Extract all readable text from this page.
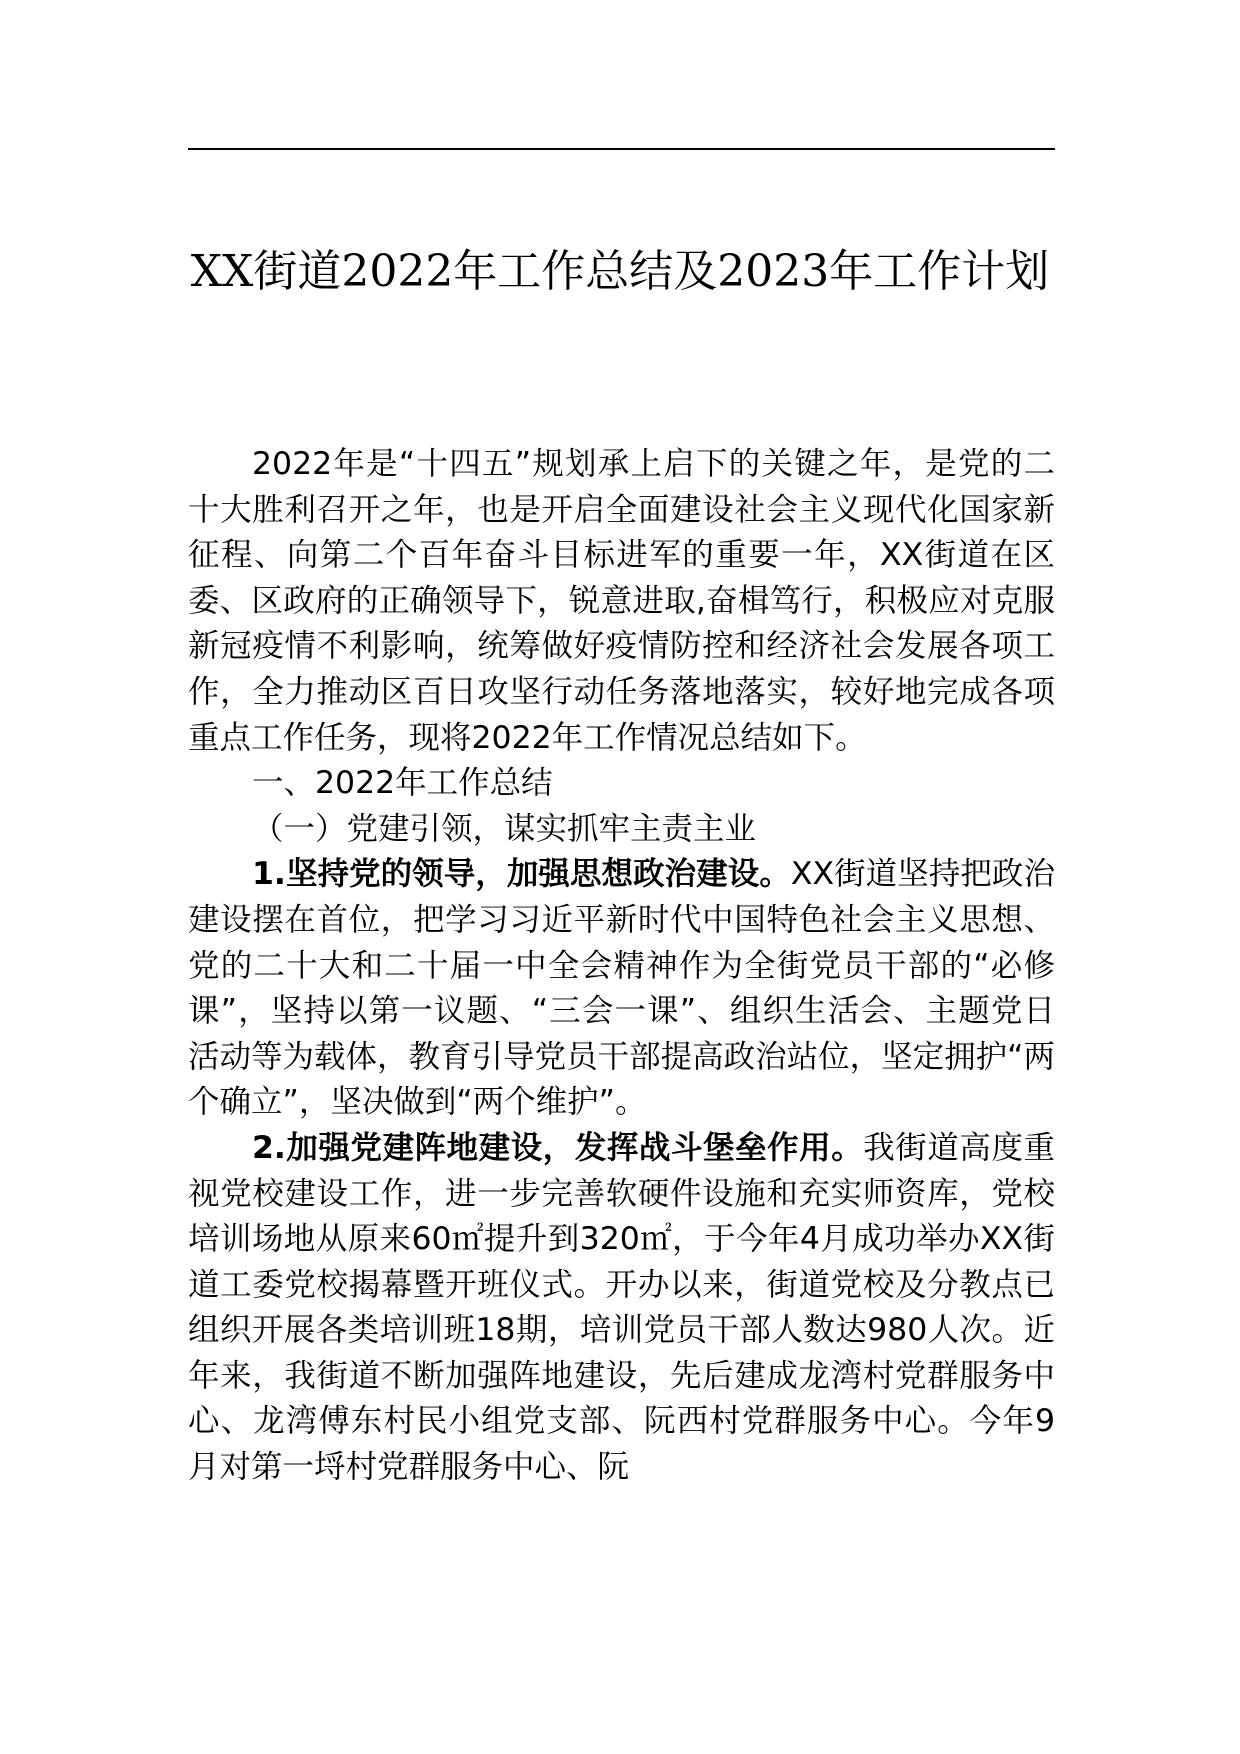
XX街道2022年工作总结及2023年工作计划

2022年是“十四五”规划承上启下的关键之年，是党的二十大胜利召开之年，也是开启全面建设社会主义现代化国家新征程、向第二个百年奋斗目标进军的重要一年，XX街道在区委、区政府的正确领导下，锐意进取,奋楫笃行，积极应对克服新冠疫情不利影响，统筹做好疫情防控和经济社会发展各项工作，全力推动区百日攻坚行动任务落地落实，较好地完成各项重点工作任务，现将2022年工作情况总结如下。

一、2022年工作总结

（一）党建引领，谋实抓牢主责主业

1.坚持党的领导，加强思想政治建设。XX街道坚持把政治建设摆在首位，把学习习近平新时代中国特色社会主义思想、党的二十大和二十届一中全会精神作为全街党员干部的“必修课”，坚持以第一议题、“三会一课”、组织生活会、主题党日活动等为载体，教育引导党员干部提高政治站位，坚定拥护“两个确立”，坚决做到“两个维护”。

2.加强党建阵地建设，发挥战斗堡垒作用。我街道高度重视党校建设工作，进一步完善软硬件设施和充实师资库，党校培训场地从原来60㎡提升到320㎡，于今年4月成功举办XX街道工委党校揭幕暨开班仪式。开办以来，街道党校及分教点已组织开展各类培训班18期，培训党员干部人数达980人次。近年来，我街道不断加强阵地建设，先后建成龙湾村党群服务中心、龙湾傅东村民小组党支部、阮西村党群服务中心。今年9月对第一埒村党群服务中心、阮
